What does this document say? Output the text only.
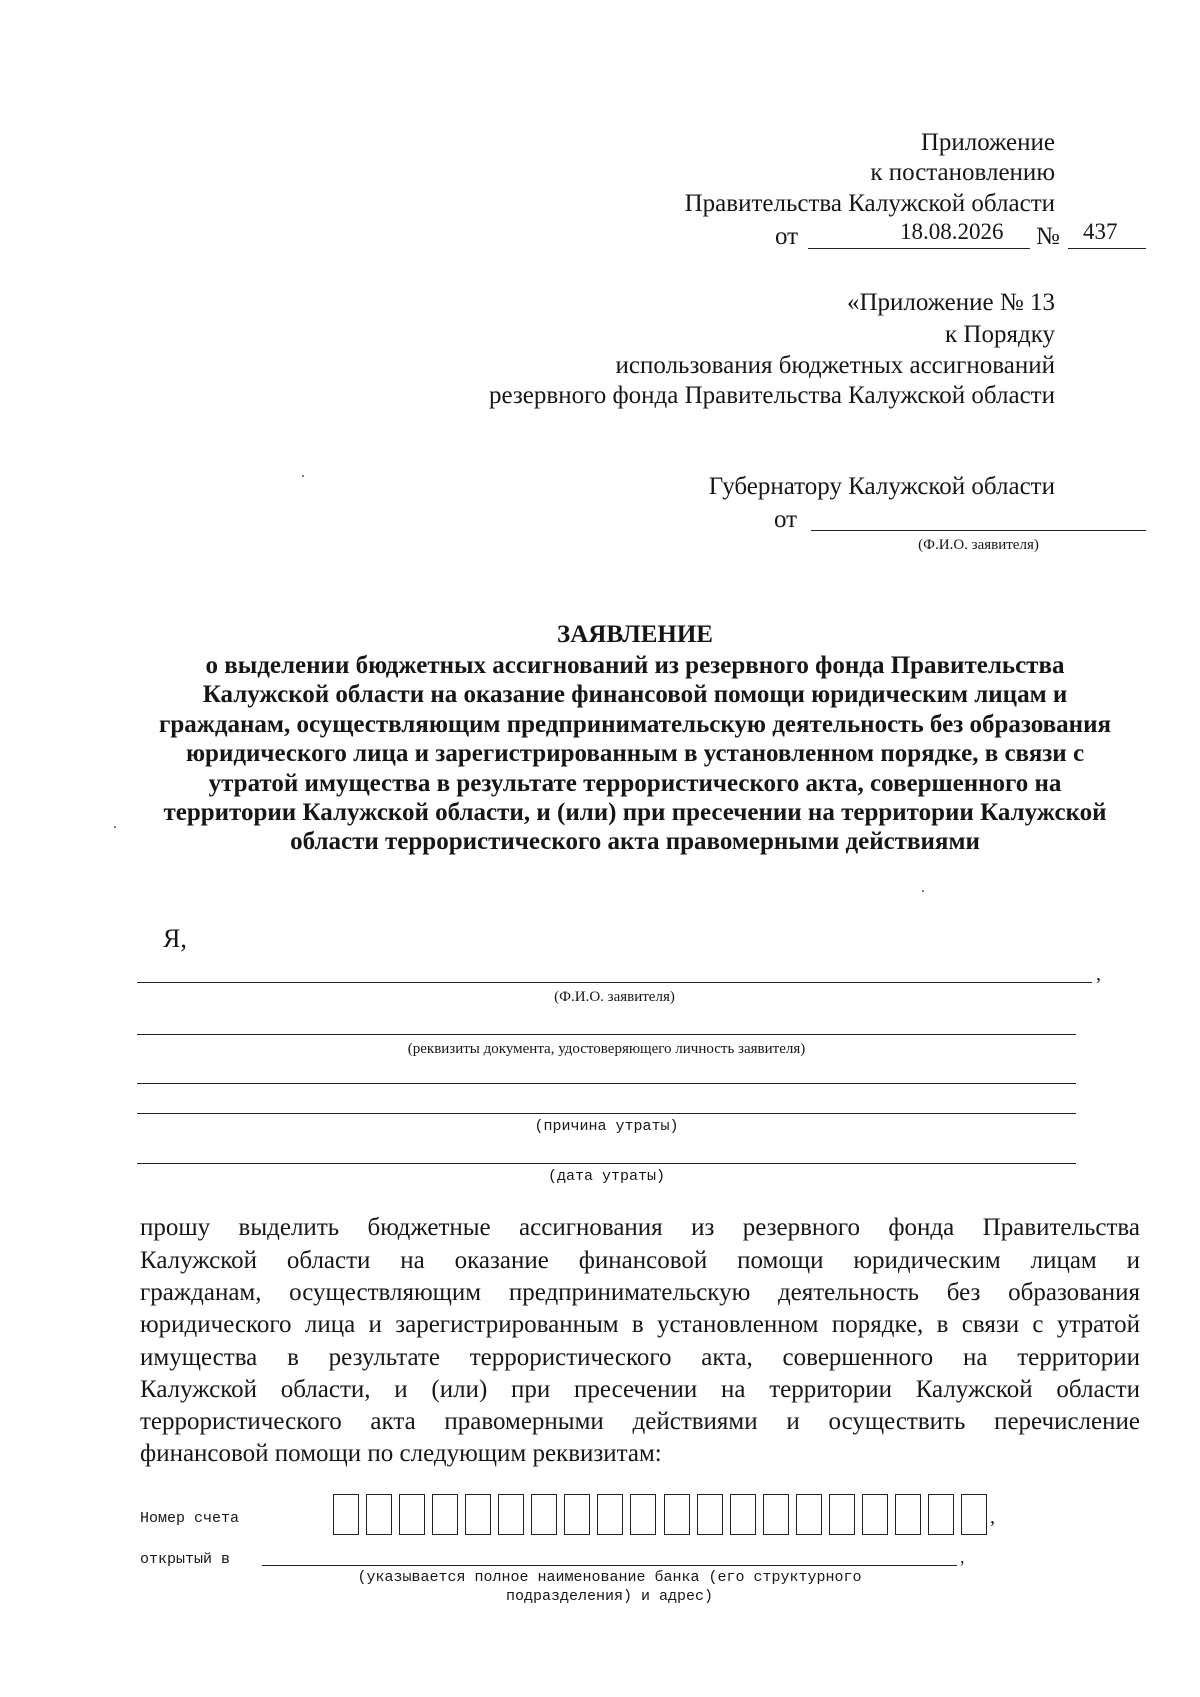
Приложение
к постановлению
Правительства Калужской области
от	18.08.2026 № 437
«Приложение № 13
к Порядку
использования бюджетных ассигнований
резервного фонда Правительства Калужской области
Губернатору Калужской области
от
(Ф.И.О. заявителя)
ЗАЯВЛЕНИЕ
о выделении бюджетных ассигнований из резервного фонда Правительства
Калужской области на оказание финансовой помощи юридическим лицам и
гражданам, осуществляющим предпринимательскую деятельность без образования
юридического лица и зарегистрированным в установленном порядке, в связи с
утратой имущества в результате террористического акта, совершенного на
территории Калужской области, и (или) при пресечении на территории Калужской
области террористического акта правомерными действиями
Я,
,
(Ф.И.О. заявителя)
(реквизиты документа, удостоверяющего личность заявителя)
(причина утраты)
(дата утраты)
прошу выделить бюджетные ассигнования из резервного фонда Правительства
Калужской области на оказание финансовой помощи юридическим лицам и
гражданам, осуществляющим предпринимательскую деятельность без образования
юридического лица и зарегистрированным в установленном порядке, в связи с утратой
имущества в результате террористического акта, совершенного на территории
Калужской области, и (или) при пресечении на территории Калужской области
террористического акта правомерными действиями и осуществить перечисление
финансовой помощи по следующим реквизитам:
Номер счета	,
открытый в	,
(указывается полное наименование банка (его структурного
подразделения) и адрес)
